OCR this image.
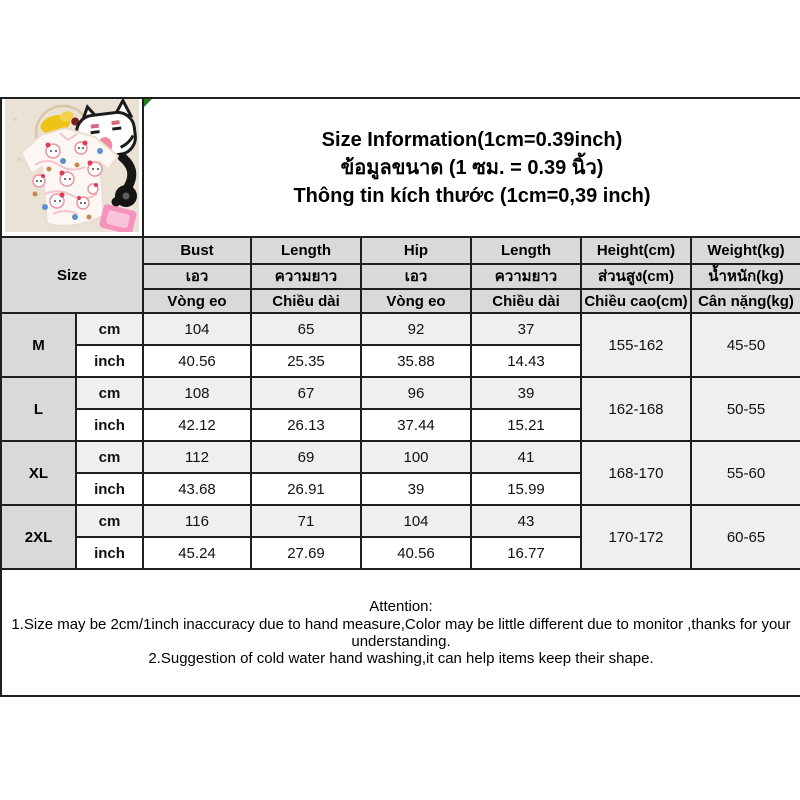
Size Information(1cm=0.39inch)
ข้อมูลขนาด (1 ซม. = 0.39 นิ้ว)
Thông tin kích thước (1cm=0,39 inch)					

Size		Bust	Length	Hip	Length	Height(cm)	Weight(kg)
		เอว	ความยาว	เอว	ความยาว	ส่วนสูง(cm)	น้ำหนัก(kg)
		Vòng eo	Chiều dài	Vòng eo	Chiều dài	Chiều cao(cm)	Cân nặng(kg)
M	cm	104	65	92	37	155-162	45-50
	inch	40.56	25.35	35.88	14.43		
L	cm	108	67	96	39	162-168	50-55
	inch	42.12	26.13	37.44	15.21		
XL	cm	112	69	100	41	168-170	55-60
	inch	43.68	26.91	39	15.99		
2XL	cm	116	71	104	43	170-172	60-65
	inch	45.24	27.69	40.56	16.77		

Attention:
1.Size may be 2cm/1inch inaccuracy due to hand measure,Color may be little different due to monitor ,thanks for your understanding.
2.Suggestion of cold water hand washing,it can help items keep their shape.							
